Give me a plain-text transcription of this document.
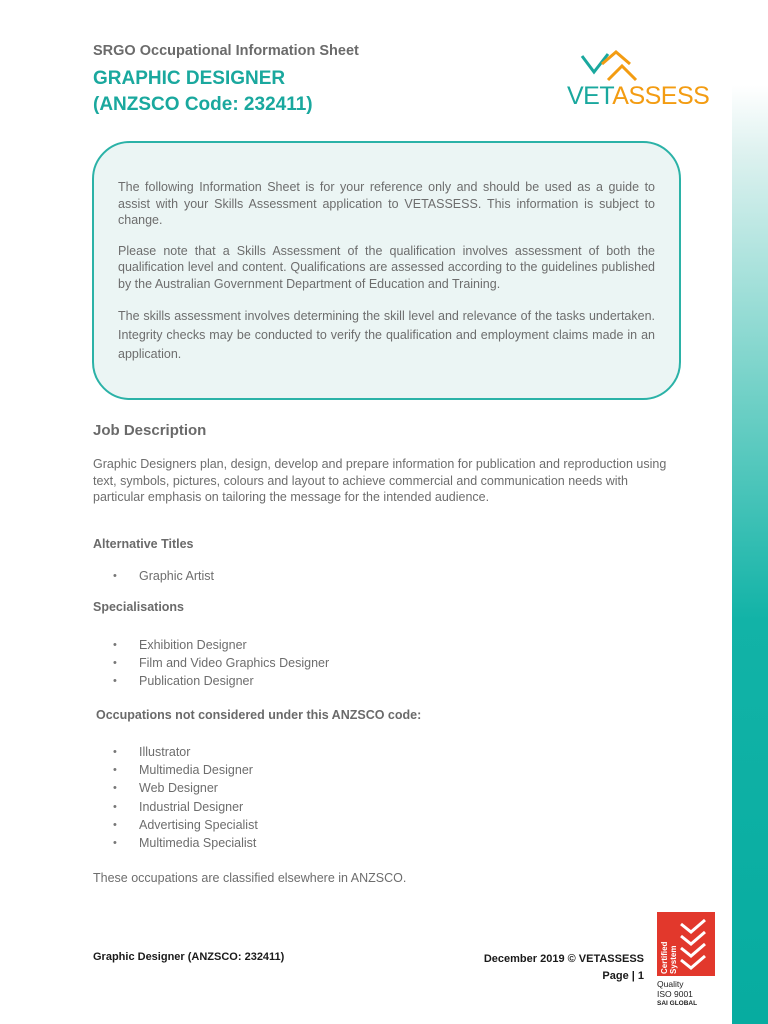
SRGO Occupational Information Sheet
GRAPHIC DESIGNER
(ANZSCO Code: 232411)	VETASSESS

The following Information Sheet is for your reference only and should be used as a guide to assist with your Skills Assessment application to VETASSESS. This information is subject to change.

Please note that a Skills Assessment of the qualification involves assessment of both the qualification level and content. Qualifications are assessed according to the guidelines published by the Australian Government Department of Education and Training.

The skills assessment involves determining the skill level and relevance of the tasks undertaken. Integrity checks may be conducted to verify the qualification and employment claims made in an application.

Job Description
Graphic Designers plan, design, develop and prepare information for publication and reproduction using text, symbols, pictures, colours and layout to achieve commercial and communication needs with particular emphasis on tailoring the message for the intended audience.
Alternative Titles
• Graphic Artist
Specialisations
• Exhibition Designer
• Film and Video Graphics Designer
• Publication Designer
Occupations not considered under this ANZSCO code:
• Illustrator
• Multimedia Designer
• Web Designer
• Industrial Designer
• Advertising Specialist
• Multimedia Specialist
These occupations are classified elsewhere in ANZSCO.
Graphic Designer (ANZSCO: 232411)	December 2019 © VETASSESS
Page | 1
Certified System
Quality
ISO 9001
SAI GLOBAL
